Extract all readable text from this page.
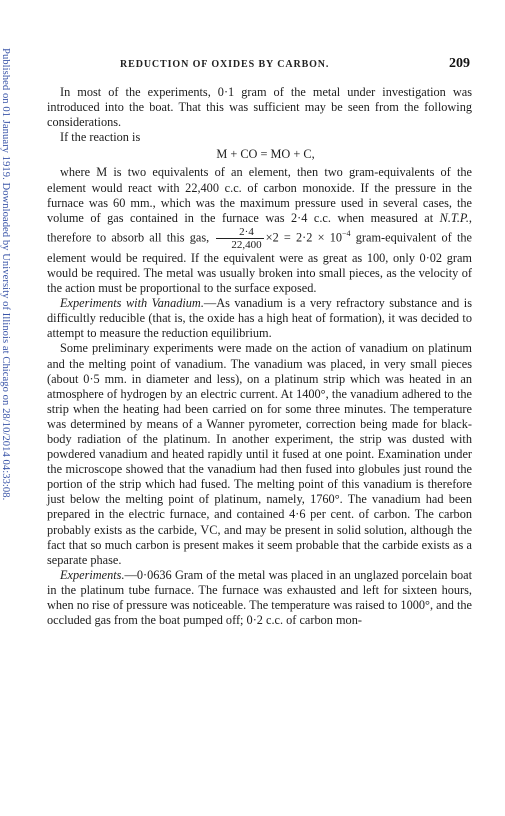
Published on 01 January 1919. Downloaded by University of Illinois at Chicago on 28/10/2014 04:33:08.	REDUCTION OF OXIDES BY CARBON.	209

In most of the experiments, 0·1 gram of the metal under investigation was introduced into the boat. That this was sufficient may be seen from the following considerations.

If the reaction is

M + CO = MO + C,

where M is two equivalents of an element, then two gram-equivalents of the element would react with 22,400 c.c. of carbon monoxide. If the pressure in the furnace was 60 mm., which was the maximum pressure used in several cases, the volume of gas contained in the furnace was 2·4 c.c. when measured at N.T.P., therefore to absorb all this gas, $\frac{2\cdot 4}{22,400} \times 2 = 2\cdot 2 \times 10^{-4}$ gram-equivalent of the element would be required. If the equivalent were as great as 100, only 0·02 gram would be required. The metal was usually broken into small pieces, as the velocity of the action must be proportional to the surface exposed.

Experiments with Vanadium.—As vanadium is a very refractory substance and is difficultly reducible (that is, the oxide has a high heat of formation), it was decided to attempt to measure the reduction equilibrium.

Some preliminary experiments were made on the action of vanadium on platinum and the melting point of vanadium. The vanadium was placed, in very small pieces (about 0·5 mm. in diameter and less), on a platinum strip which was heated in an atmosphere of hydrogen by an electric current. At 1400°, the vanadium adhered to the strip when the heating had been carried on for some three minutes. The temperature was determined by means of a Wanner pyrometer, correction being made for black-body radiation of the platinum. In another experiment, the strip was dusted with powdered vanadium and heated rapidly until it fused at one point. Examination under the microscope showed that the vanadium had then fused into globules just round the portion of the strip which had fused. The melting point of this vanadium is therefore just below the melting point of platinum, namely, 1760°. The vanadium had been prepared in the electric furnace, and contained 4·6 per cent. of carbon. The carbon probably exists as the carbide, VC, and may be present in solid solution, although the fact that so much carbon is present makes it seem probable that the carbide exists as a separate phase.

Experiments.—0·0636 Gram of the metal was placed in an unglazed porcelain boat in the platinum tube furnace. The furnace was exhausted and left for sixteen hours, when no rise of pressure was noticeable. The temperature was raised to 1000°, and the occluded gas from the boat pumped off; 0·2 c.c. of carbon mon-
